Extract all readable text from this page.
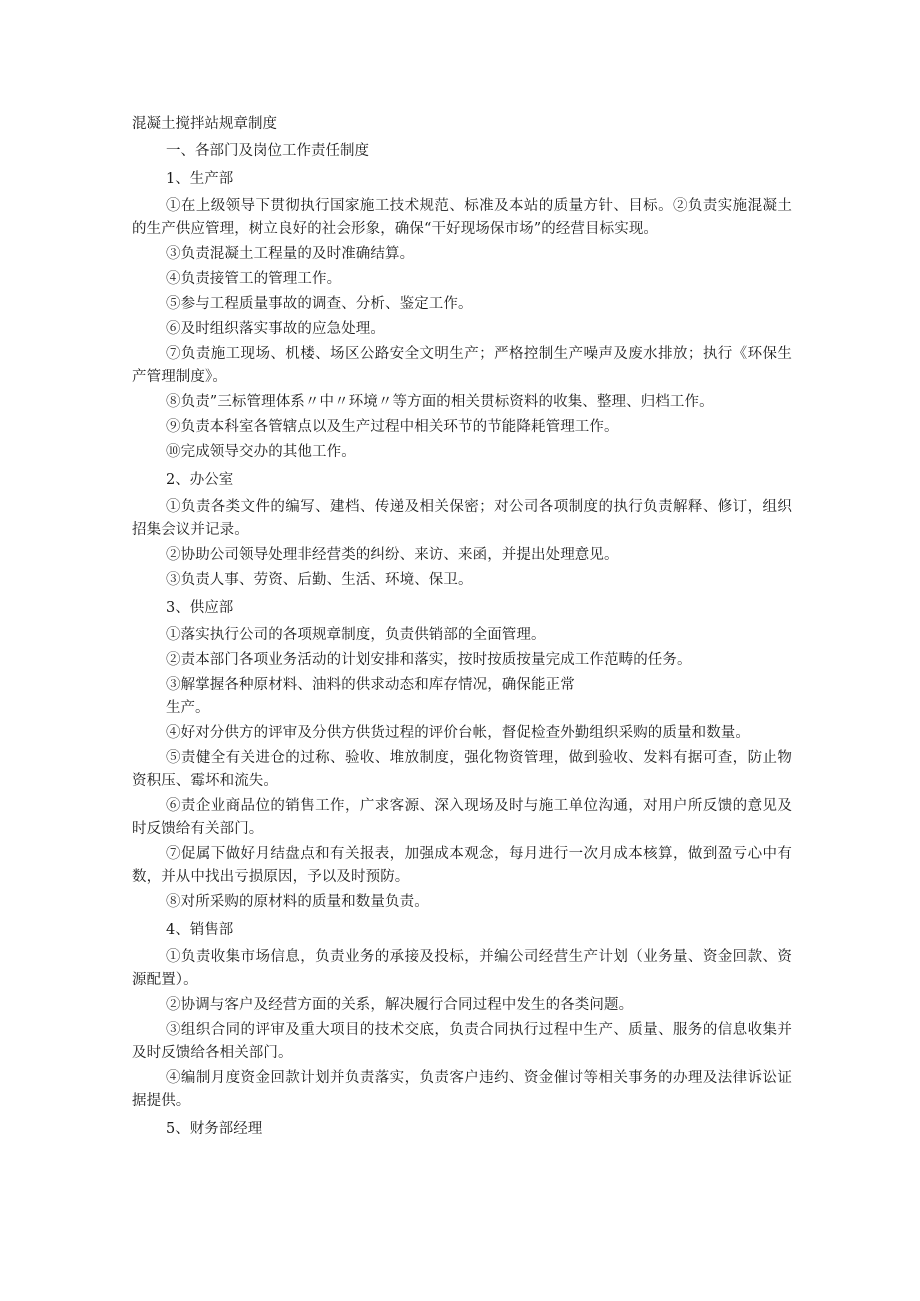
混凝土搅拌站规章制度
一、各部门及岗位工作责任制度
1、生产部

①在上级领导下贯彻执行国家施工技术规范、标准及本站的质量方针、目标。②负责实施混凝土的生产供应管理，树立良好的社会形象，确保“干好现场保市场”的经营目标实现。

③负责混凝土工程量的及时准确结算。

④负责接管工的管理工作。

⑤参与工程质量事故的调查、分析、鉴定工作。

⑥及时组织落实事故的应急处理。

⑦负责施工现场、机楼、场区公路安全文明生产；严格控制生产噪声及废水排放；执行《环保生产管理制度》。

⑧负责”三标管理体系〃中〃环境〃等方面的相关贯标资料的收集、整理、归档工作。

⑨负责本科室各管辖点以及生产过程中相关环节的节能降耗管理工作。

⑩完成领导交办的其他工作。

2、办公室

①负责各类文件的编写、建档、传递及相关保密；对公司各项制度的执行负责解释、修订，组织招集会议并记录。

②协助公司领导处理非经营类的纠纷、来访、来函，并提出处理意见。

③负责人事、劳资、后勤、生活、环境、保卫。

3、供应部

①落实执行公司的各项规章制度，负责供销部的全面管理。

②责本部门各项业务活动的计划安排和落实，按时按质按量完成工作范畴的任务。

③解掌握各种原材料、油料的供求动态和库存情况，确保能正常

生产。

④好对分供方的评审及分供方供货过程的评价台帐，督促检查外勤组织采购的质量和数量。

⑤责健全有关进仓的过称、验收、堆放制度，强化物资管理，做到验收、发料有据可查，防止物资积压、霉坏和流失。

⑥责企业商品位的销售工作，广求客源、深入现场及时与施工单位沟通，对用户所反馈的意见及时反馈给有关部门。

⑦促属下做好月结盘点和有关报表，加强成本观念，每月进行一次月成本核算，做到盈亏心中有数，并从中找出亏损原因，予以及时预防。

⑧对所采购的原材料的质量和数量负责。

4、销售部

①负责收集市场信息，负责业务的承接及投标，并编公司经营生产计划（业务量、资金回款、资源配置）。

②协调与客户及经营方面的关系，解决履行合同过程中发生的各类问题。

③组织合同的评审及重大项目的技术交底，负责合同执行过程中生产、质量、服务的信息收集并及时反馈给各相关部门。

④编制月度资金回款计划并负责落实，负责客户违约、资金催讨等相关事务的办理及法律诉讼证据提供。

5、财务部经理
